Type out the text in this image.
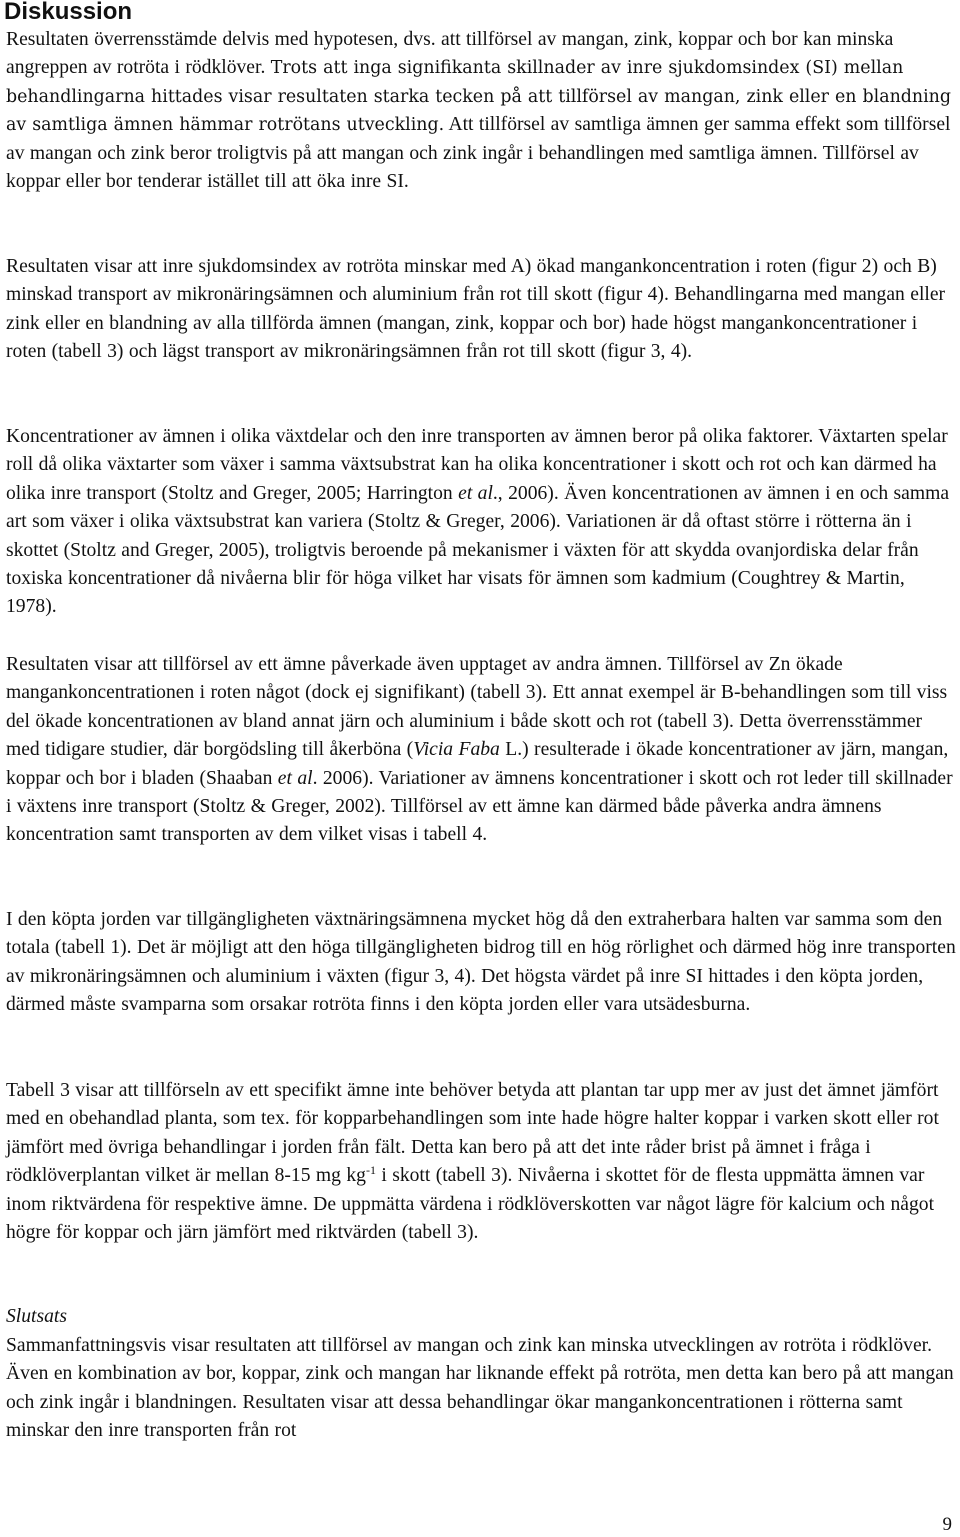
Diskussion

Resultaten överrensstämde delvis med hypotesen, dvs. att tillförsel av mangan, zink, koppar och bor kan minska angreppen av rotröta i rödklöver. Trots att inga signifikanta skillnader av inre sjukdomsindex (SI) mellan behandlingarna hittades visar resultaten starka tecken på att tillförsel av mangan, zink eller en blandning av samtliga ämnen hämmar rotrötans utveckling. Att tillförsel av samtliga ämnen ger samma effekt som tillförsel av mangan och zink beror troligtvis på att mangan och zink ingår i behandlingen med samtliga ämnen. Tillförsel av koppar eller bor tenderar istället till att öka inre SI.

Resultaten visar att inre sjukdomsindex av rotröta minskar med A) ökad mangankoncentration i roten (figur 2) och B) minskad transport av mikronäringsämnen och aluminium från rot till skott (figur 4). Behandlingarna med mangan eller zink eller en blandning av alla tillförda ämnen (mangan, zink, koppar och bor) hade högst mangankoncentrationer i roten (tabell 3) och lägst transport av mikronäringsämnen från rot till skott (figur 3, 4).

Koncentrationer av ämnen i olika växtdelar och den inre transporten av ämnen beror på olika faktorer. Växtarten spelar roll då olika växtarter som växer i samma växtsubstrat kan ha olika koncentrationer i skott och rot och kan därmed ha olika inre transport (Stoltz and Greger, 2005; Harrington et al., 2006). Även koncentrationen av ämnen i en och samma art som växer i olika växtsubstrat kan variera (Stoltz & Greger, 2006). Variationen är då oftast större i rötterna än i skottet (Stoltz and Greger, 2005), troligtvis beroende på mekanismer i växten för att skydda ovanjordiska delar från toxiska koncentrationer då nivåerna blir för höga vilket har visats för ämnen som kadmium (Coughtrey & Martin, 1978).

Resultaten visar att tillförsel av ett ämne påverkade även upptaget av andra ämnen. Tillförsel av Zn ökade mangankoncentrationen i roten något (dock ej signifikant) (tabell 3). Ett annat exempel är B-behandlingen som till viss del ökade koncentrationen av bland annat järn och aluminium i både skott och rot (tabell 3). Detta överrensstämmer med tidigare studier, där borgödsling till åkerböna (Vicia Faba L.) resulterade i ökade koncentrationer av järn, mangan, koppar och bor i bladen (Shaaban et al. 2006). Variationer av ämnens koncentrationer i skott och rot leder till skillnader i växtens inre transport (Stoltz & Greger, 2002). Tillförsel av ett ämne kan därmed både påverka andra ämnens koncentration samt transporten av dem vilket visas i tabell 4.

I den köpta jorden var tillgängligheten växtnäringsämnena mycket hög då den extraherbara halten var samma som den totala (tabell 1). Det är möjligt att den höga tillgängligheten bidrog till en hög rörlighet och därmed hög inre transporten av mikronäringsämnen och aluminium i växten (figur 3, 4). Det högsta värdet på inre SI hittades i den köpta jorden, därmed måste svamparna som orsakar rotröta finns i den köpta jorden eller vara utsädesburna.

Tabell 3 visar att tillförseln av ett specifikt ämne inte behöver betyda att plantan tar upp mer av just det ämnet jämfört med en obehandlad planta, som tex. för kopparbehandlingen som inte hade högre halter koppar i varken skott eller rot jämfört med övriga behandlingar i jorden från fält. Detta kan bero på att det inte råder brist på ämnet i fråga i rödklöverplantan vilket är mellan 8-15 mg $kg^{-1}$ i skott (tabell 3). Nivåerna i skottet för de flesta uppmätta ämnen var inom riktvärdena för respektive ämne. De uppmätta värdena i rödklöverskotten var något lägre för kalcium och något högre för koppar och järn jämfört med riktvärden (tabell 3).

Slutsats

Sammanfattningsvis visar resultaten att tillförsel av mangan och zink kan minska utvecklingen av rotröta i rödklöver. Även en kombination av bor, koppar, zink och mangan har liknande effekt på rotröta, men detta kan bero på att mangan och zink ingår i blandningen. Resultaten visar att dessa behandlingar ökar mangankoncentrationen i rötterna samt minskar den inre transporten från rot

9
